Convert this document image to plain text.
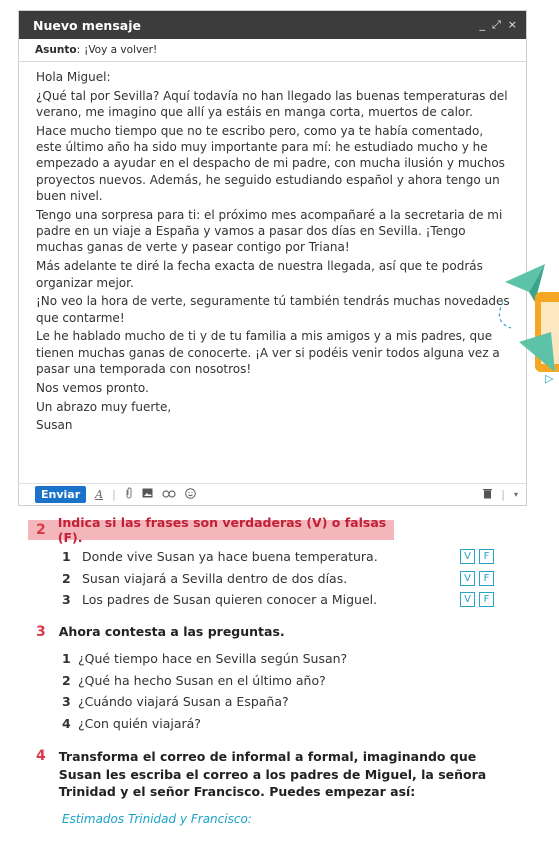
Nuevo mensaje	_ ⤢ ×
Asunto : ¡Voy a volver!

Hola Miguel:

¿Qué tal por Sevilla? Aquí todavía no han llegado las buenas temperaturas del verano, me imagino que allí ya estáis en manga corta, muertos de calor.

Hace mucho tiempo que no te escribo pero, como ya te había comentado, este último año ha sido muy importante para mí: he estudiado mucho y he empezado a ayudar en el despacho de mi padre, con mucha ilusión y muchos proyectos nuevos. Además, he seguido estudiando español y ahora tengo un buen nivel.

Tengo una sorpresa para ti: el próximo mes acompañaré a la secretaria de mi padre en un viaje a España y vamos a pasar dos días en Sevilla. ¡Tengo muchas ganas de verte y pasear contigo por Triana!

Más adelante te diré la fecha exacta de nuestra llegada, así que te podrás organizar mejor.

¡No veo la hora de verte, seguramente tú también tendrás muchas novedades que contarme!

Le he hablado mucho de ti y de tu familia a mis amigos y a mis padres, que tienen muchas ganas de conocerte. ¡A ver si podéis venir todos alguna vez a pasar una temporada con nosotros!

Nos vemos pronto.

Un abrazo muy fuerte,

Susan

Enviar	A |	| ▾
▷
2 Indica si las frases son verdaderas (V) o falsas (F).
1 Donde vive Susan ya hace buena temperatura.	V	F
2 Susan viajará a Sevilla dentro de dos días.	V	F
3 Los padres de Susan quieren conocer a Miguel.	V	F
3 Ahora contesta a las preguntas.
1 ¿Qué tiempo hace en Sevilla según Susan?
2 ¿Qué ha hecho Susan en el último año?
3 ¿Cuándo viajará Susan a España?
4 ¿Con quién viajará?
4 Transforma el correo de informal a formal, imaginando que Susan les escriba el correo a los padres de Miguel, la señora Trinidad y el señor Francisco. Puedes empezar así:
Estimados Trinidad y Francisco:
